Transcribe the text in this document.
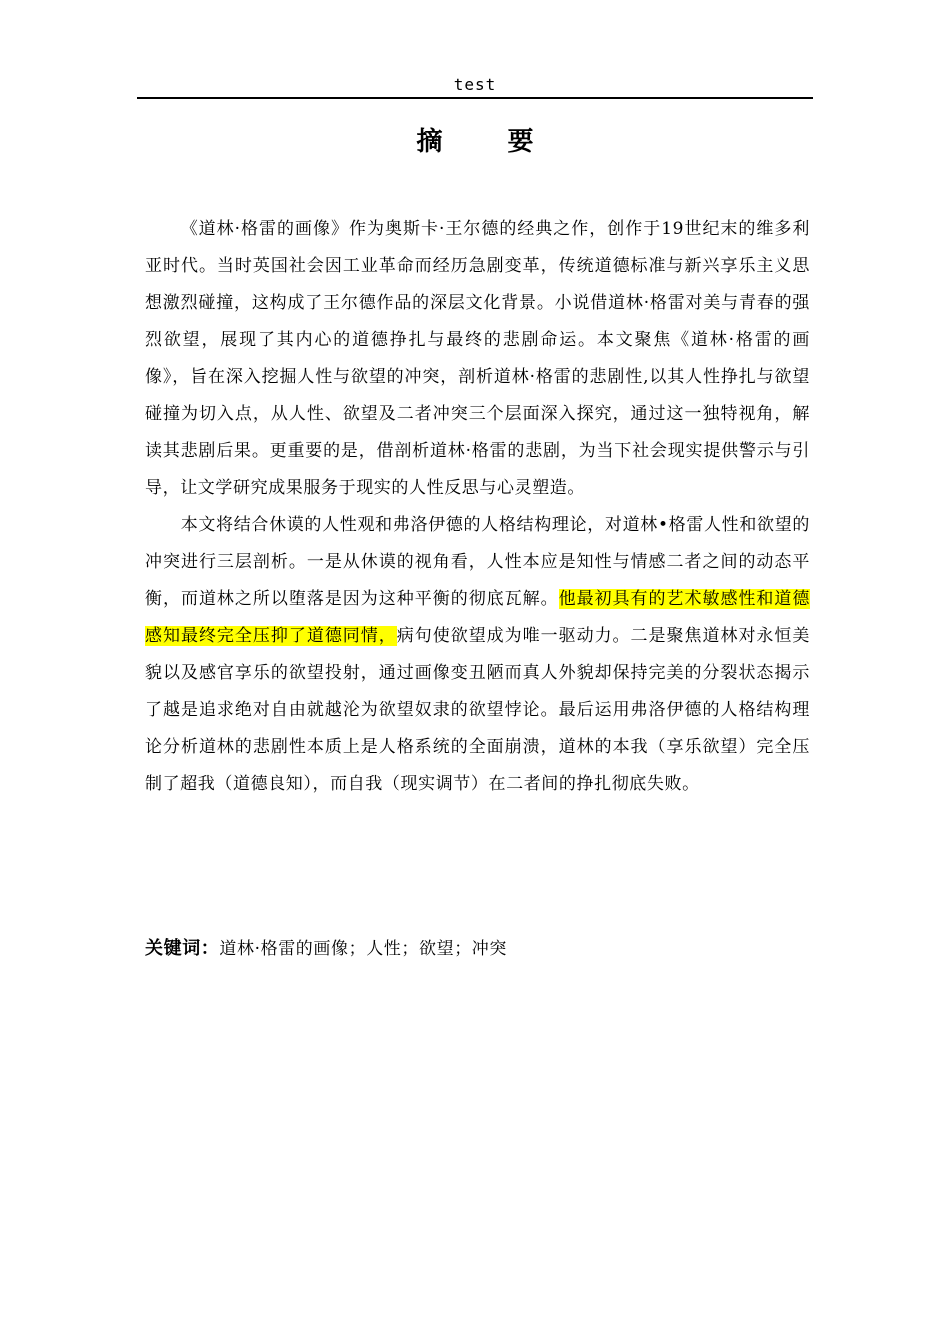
test
摘 要

《道林·格雷的画像》作为奥斯卡·王尔德的经典之作，创作于19世纪末的维多利亚时代。当时英国社会因工业革命而经历急剧变革，传统道德标准与新兴享乐主义思想激烈碰撞，这构成了王尔德作品的深层文化背景。小说借道林·格雷对美与青春的强烈欲望，展现了其内心的道德挣扎与最终的悲剧命运。本文聚焦《道林·格雷的画像》，旨在深入挖掘人性与欲望的冲突，剖析道林·格雷的悲剧性,以其人性挣扎与欲望碰撞为切入点，从人性、欲望及二者冲突三个层面深入探究，通过这一独特视角，解读其悲剧后果。更重要的是，借剖析道林·格雷的悲剧，为当下社会现实提供警示与引导，让文学研究成果服务于现实的人性反思与心灵塑造。

本文将结合休谟的人性观和弗洛伊德的人格结构理论，对道林•格雷人性和欲望的冲突进行三层剖析。一是从休谟的视角看，人性本应是知性与情感二者之间的动态平衡，而道林之所以堕落是因为这种平衡的彻底瓦解。他最初具有的艺术敏感性和道德感知最终完全压抑了道德同情，病句使欲望成为唯一驱动力。二是聚焦道林对永恒美貌以及感官享乐的欲望投射，通过画像变丑陋而真人外貌却保持完美的分裂状态揭示了越是追求绝对自由就越沦为欲望奴隶的欲望悖论。最后运用弗洛伊德的人格结构理论分析道林的悲剧性本质上是人格系统的全面崩溃，道林的本我（享乐欲望）完全压制了超我（道德良知），而自我（现实调节）在二者间的挣扎彻底失败。

关键词：道林·格雷的画像；人性；欲望；冲突
